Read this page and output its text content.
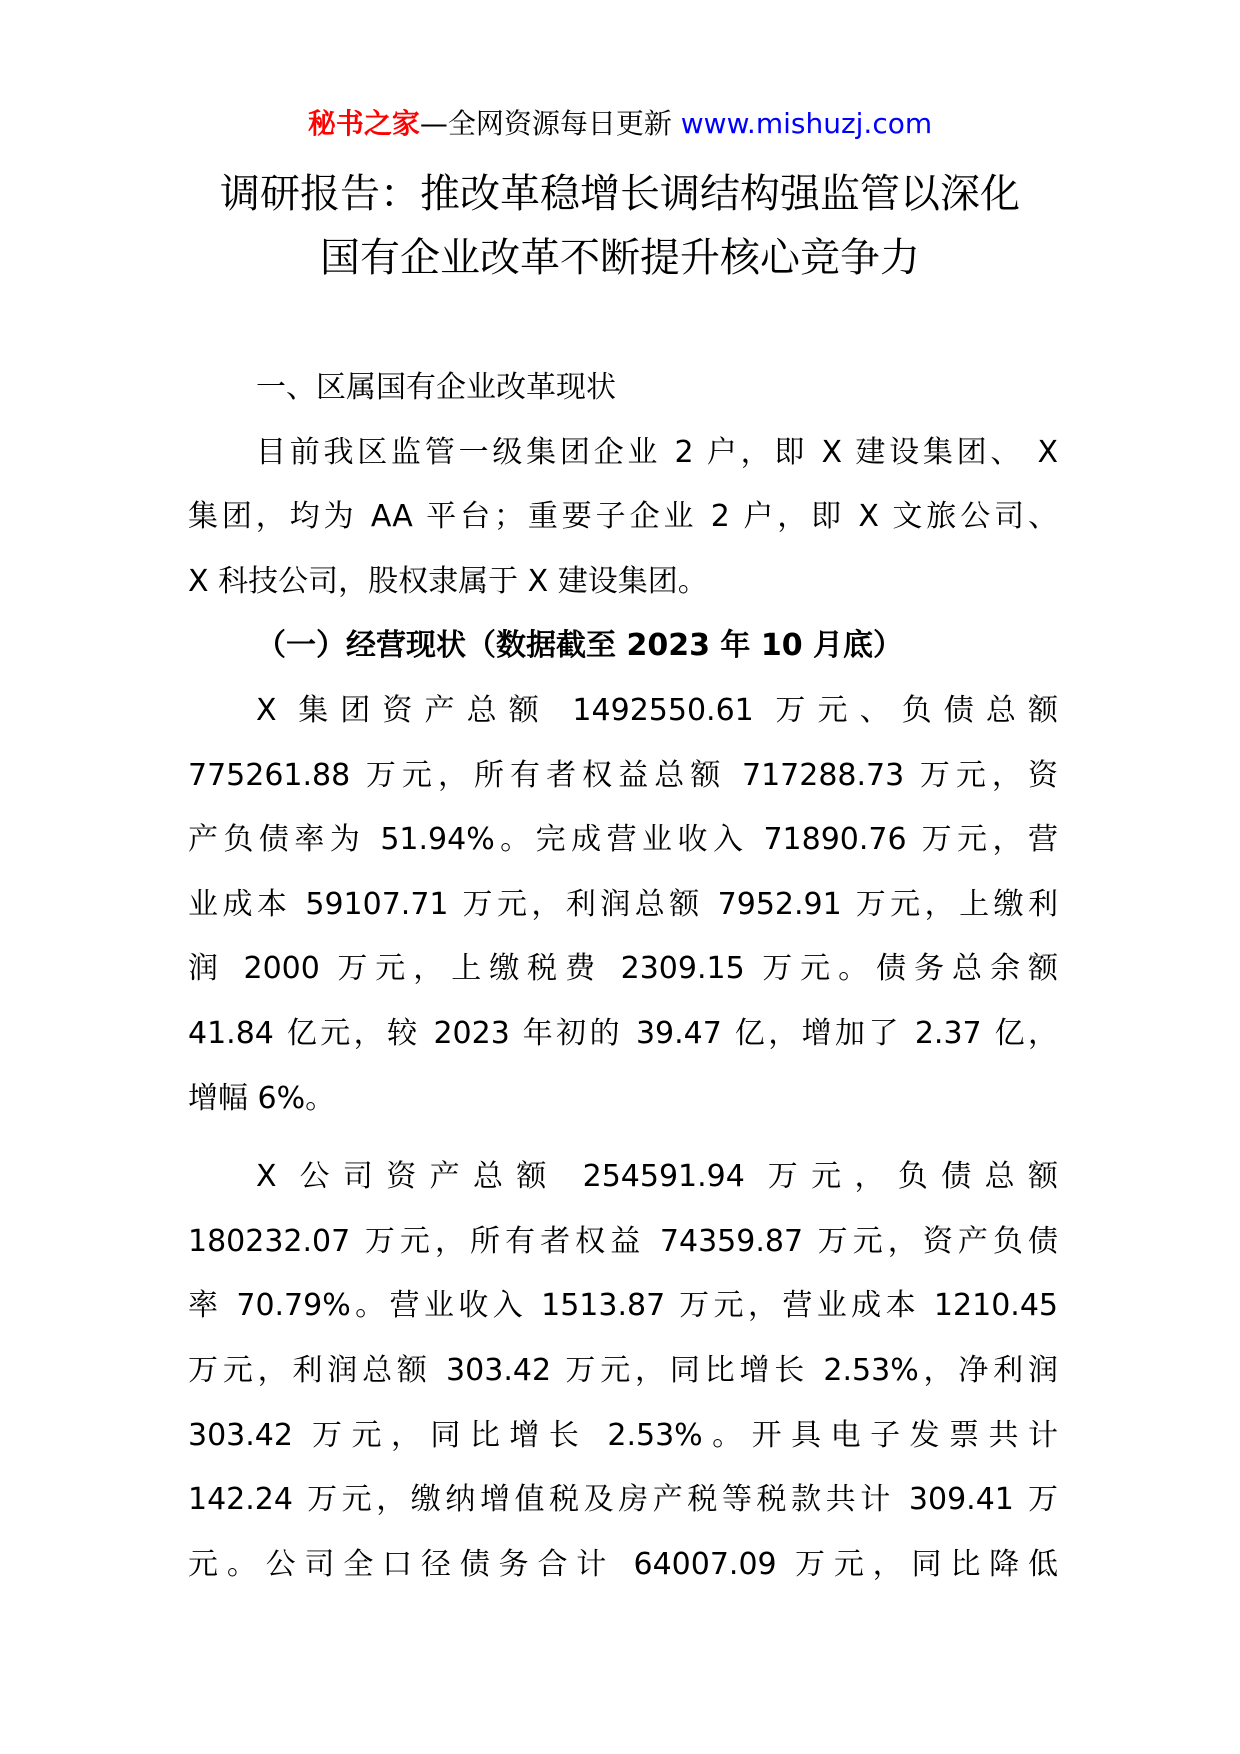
秘书之家—全网资源每日更新 www.mishuzj.com
调研报告：推改革稳增长调结构强监管以深化
国有企业改革不断提升核心竞争力
一、区属国有企业改革现状
目前我区监管一级集团企业 2 户，即 X 建设集团、 X
集团，均为 AA 平台；重要子企业 2 户，即 X 文旅公司、
X 科技公司，股权隶属于 X 建设集团。
（一）经营现状（数据截至 2023 年 10 月底）
X 集团资产总额 1492550.61 万元、负债总额
775261.88 万元，所有者权益总额 717288.73 万元，资
产负债率为 51.94%。完成营业收入 71890.76 万元，营
业成本 59107.71 万元，利润总额 7952.91 万元，上缴利
润 2000 万元，上缴税费 2309.15 万元。债务总余额
41.84 亿元，较 2023 年初的 39.47 亿，增加了 2.37 亿，
增幅 6%。
X 公司资产总额 254591.94 万元，负债总额
180232.07 万元，所有者权益 74359.87 万元，资产负债
率 70.79%。营业收入 1513.87 万元，营业成本 1210.45
万元，利润总额 303.42 万元，同比增长 2.53%，净利润
303.42 万元，同比增长 2.53%。开具电子发票共计
142.24 万元，缴纳增值税及房产税等税款共计 309.41 万
元。公司全口径债务合计 64007.09 万元，同比降低
